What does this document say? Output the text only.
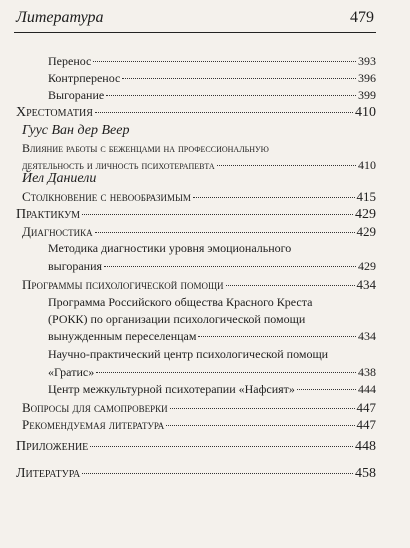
Литература	479
Перенос	393
Контрперенос	396
Выгорание	399
Хрестоматия	410
Гуус Ван дер Веер
Влияние работы с беженцами на профессиональную
деятельность и личность психотерапевта	410
Йел Даниели
Столкновение с невообразимым	415
Практикум	429
Диагностика	429
Методика диагностики уровня эмоционального
выгорания	429
Программы психологической помощи	434
Программа Российского общества Красного Креста
(РОКК) по организации психологической помощи
вынужденным переселенцам	434
Научно-практический центр психологической помощи
«Гратис»	438
Центр межкультурной психотерапии «Нафсият»	444
Вопросы для самопроверки	447
Рекомендуемая литература	447
Приложение	448
Литература	458
